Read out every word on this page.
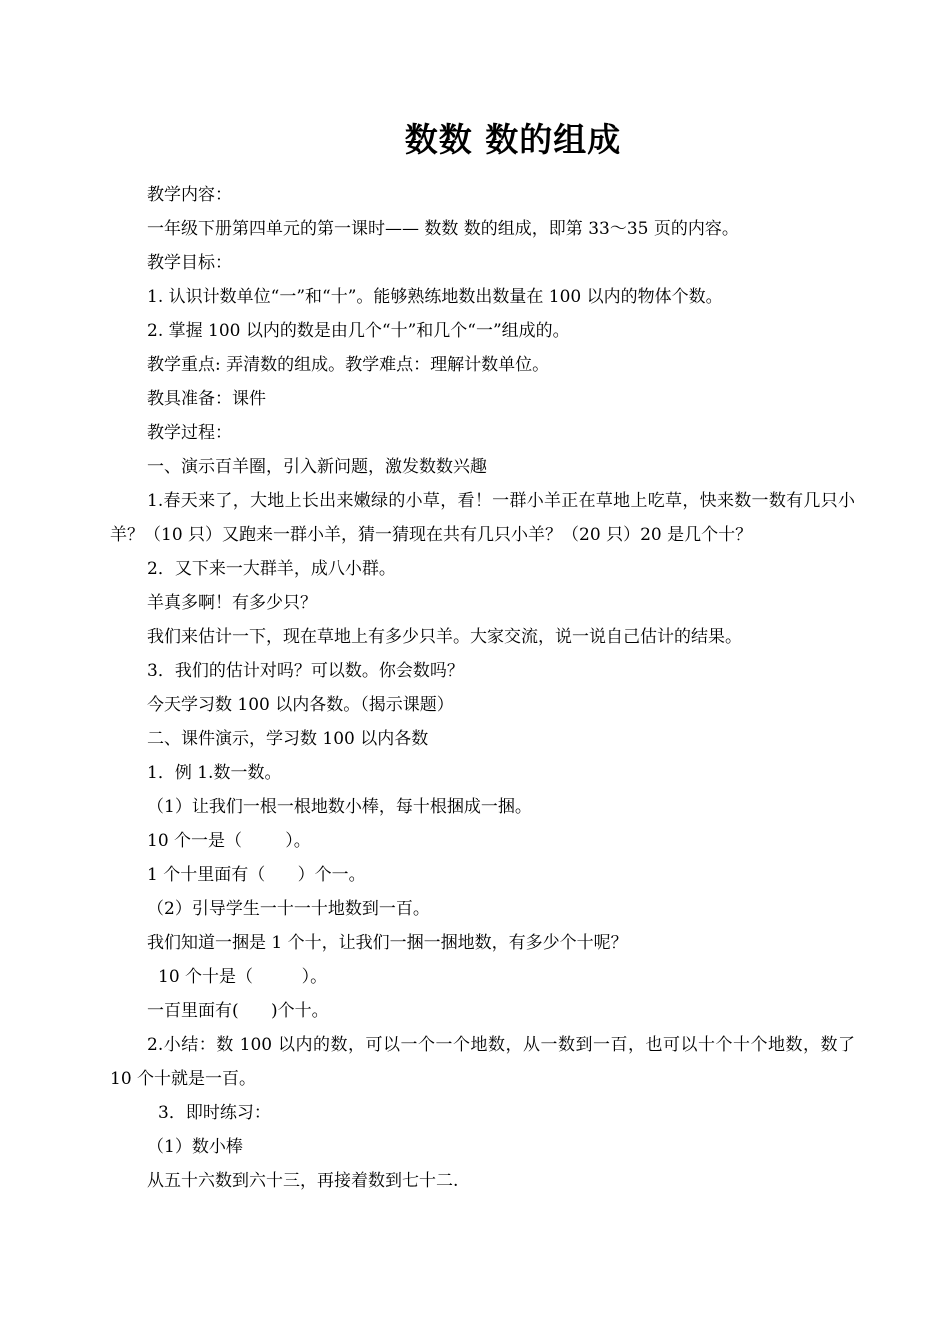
数数 数的组成

教学内容：

一年级下册第四单元的第一课时—— 数数 数的组成，即第 33～35 页的内容。

教学目标：

1. 认识计数单位“一”和“十”。能够熟练地数出数量在 100 以内的物体个数。

2. 掌握 100 以内的数是由几个“十”和几个“一”组成的。

教学重点: 弄清数的组成。教学难点：理解计数单位。

教具准备：课件

教学过程：

一、演示百羊圈，引入新问题，激发数数兴趣

1.春天来了，大地上长出来嫩绿的小草，看！一群小羊正在草地上吃草，快来数一数有几只小羊？（10 只）又跑来一群小羊，猜一猜现在共有几只小羊？（20 只）20 是几个十？

2．又下来一大群羊，成八小群。

羊真多啊！有多少只？

我们来估计一下，现在草地上有多少只羊。大家交流，说一说自己估计的结果。

3．我们的估计对吗？可以数。你会数吗？

今天学习数 100 以内各数。（揭示课题）

二、课件演示，学习数 100 以内各数

1．例 1.数一数。

（1）让我们一根一根地数小棒，每十根捆成一捆。

10 个一是（        ）。

1 个十里面有（      ）个一。

（2）引导学生一十一十地数到一百。

我们知道一捆是 1 个十，让我们一捆一捆地数，有多少个十呢？

10 个十是（         ）。

一百里面有(      )个十。

2.小结：数 100 以内的数，可以一个一个地数，从一数到一百，也可以十个十个地数，数了 10 个十就是一百。

3．即时练习：

（1）数小棒

从五十六数到六十三，再接着数到七十二.
